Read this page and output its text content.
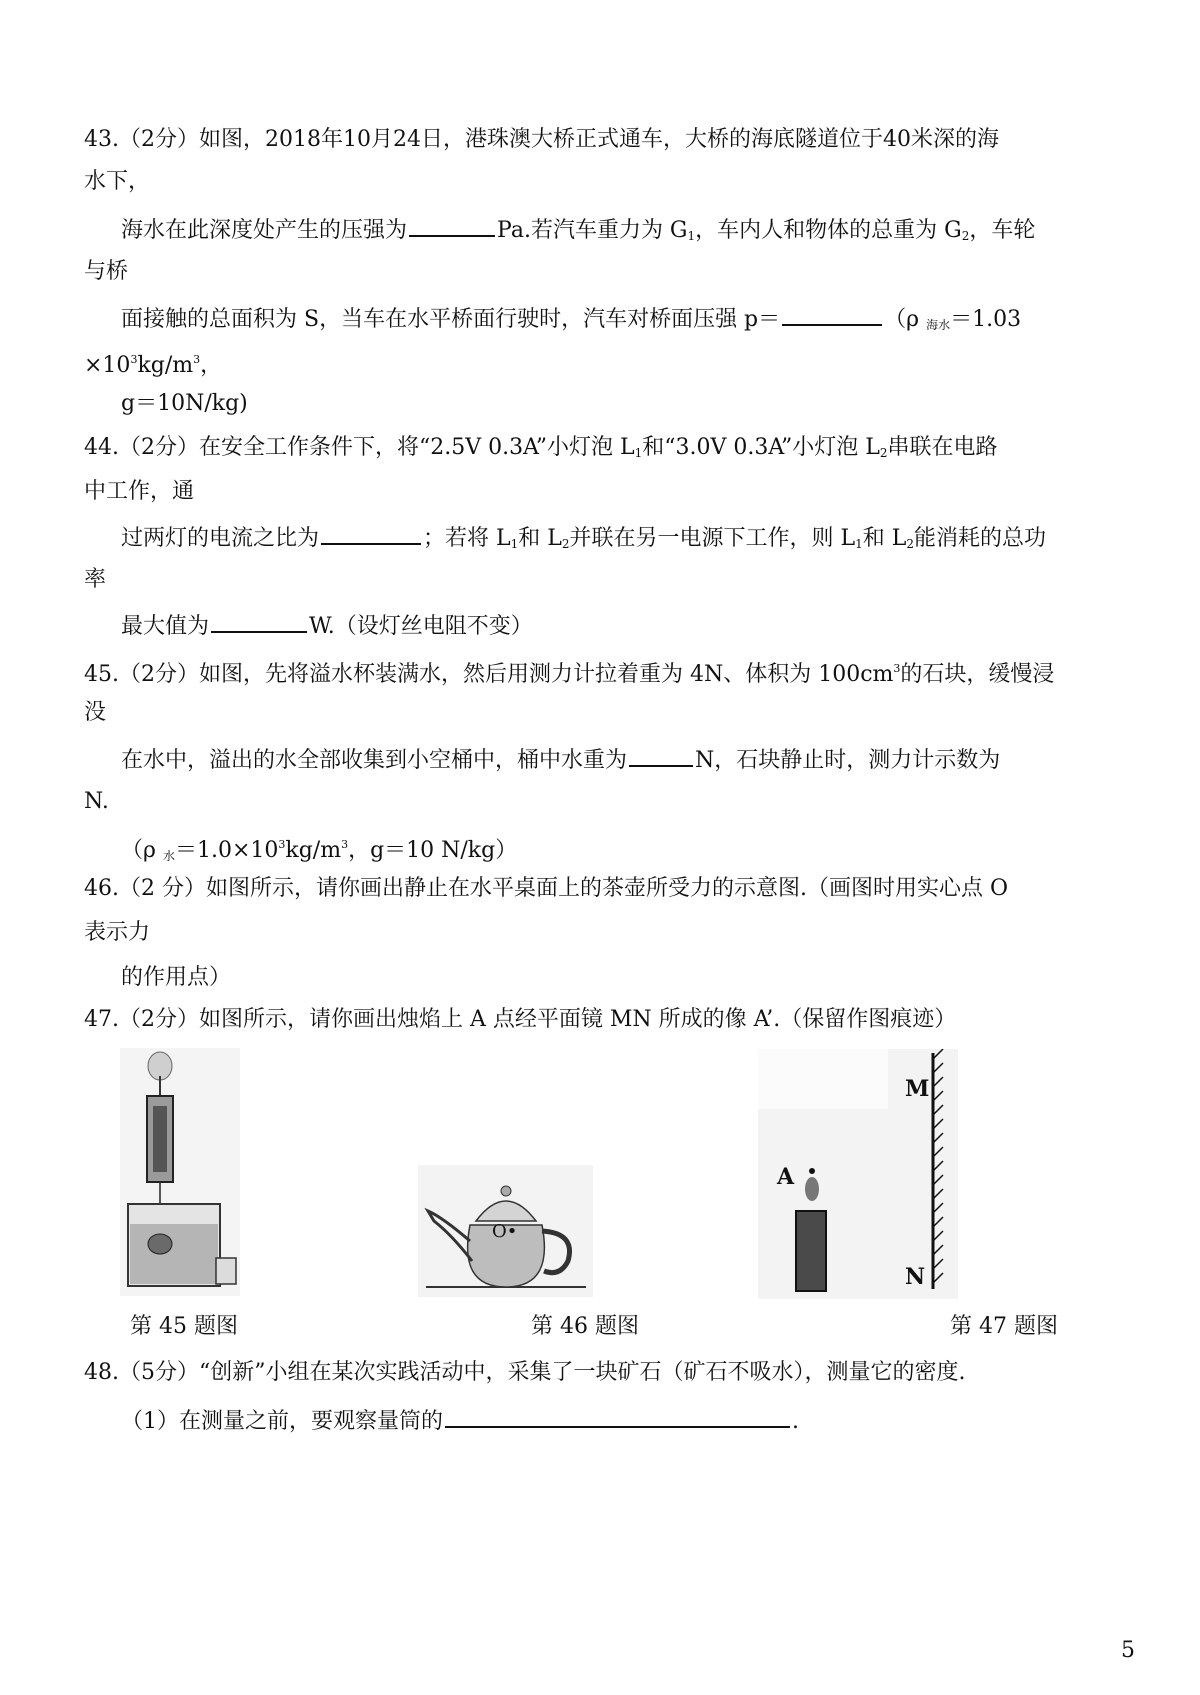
43.（2分）如图，2018年10月24日，港珠澳大桥正式通车，大桥的海底隧道位于40米深的海
水下，
海水在此深度处产生的压强为	Pa.若汽车重力为 $G_1$，车内人和物体的总重为 $G_2$，车轮
与桥
面接触的总面积为 S，当车在水平桥面行驶时，汽车对桥面压强 p＝	（ρ $_{海水}$＝1.03
$\times 10^3kg/m^3$，
g＝10N/kg)
44.（2分）在安全工作条件下，将“2.5V 0.3A”小灯泡 $L_1$和“3.0V 0.3A”小灯泡 $L_2$串联在电路
中工作，通
过两灯的电流之比为	；若将 $L_1$和 $L_2$并联在另一电源下工作，则 $L_1$和 $L_2$能消耗的总功
率
最大值为	W.（设灯丝电阻不变）
45.（2分）如图，先将溢水杯装满水，然后用测力计拉着重为 4N、体积为 $100cm^3$的石块，缓慢浸
没
在水中，溢出的水全部收集到小空桶中，桶中水重为	N，石块静止时，测力计示数为
N.
（ρ $_水=1.0\times 10^3kg/m^3$，g＝10 N/kg）
46.（2 分）如图所示，请你画出静止在水平桌面上的茶壶所受力的示意图.（画图时用实心点 O
表示力
的作用点）
47.（2分）如图所示，请你画出烛焰上 A 点经平面镜 MN 所成的像 A’.（保留作图痕迹）
O•
A
M
N
第 45 题图	第 46 题图	第 47 题图
48.（5分）“创新”小组在某次实践活动中，采集了一块矿石（矿石不吸水），测量它的密度.
（1）在测量之前，要观察量筒的	.
5
